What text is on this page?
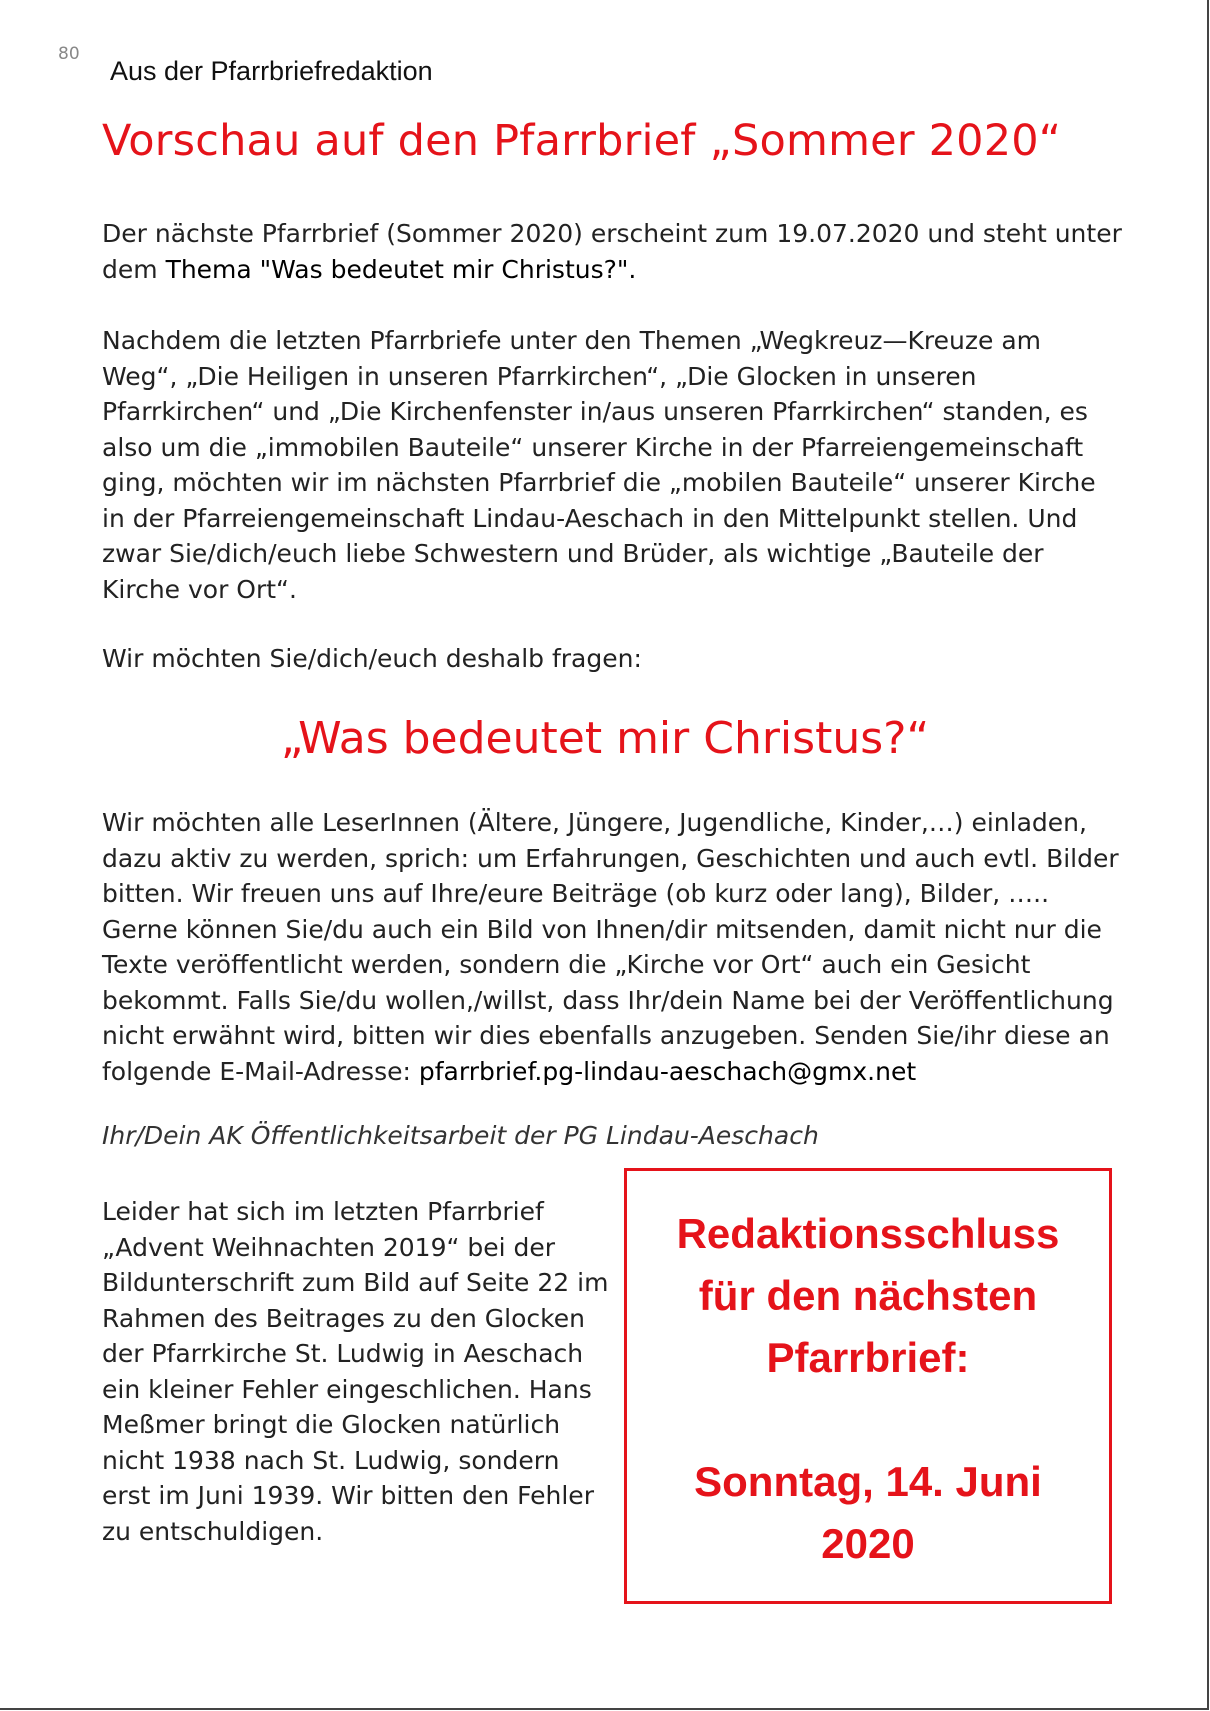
80
Aus der Pfarrbriefredaktion
Vorschau auf den Pfarrbrief „Sommer 2020“

Der nächste Pfarrbrief (Sommer 2020) erscheint zum 19.07.2020 und steht unter dem Thema "Was bedeutet mir Christus?".

Nachdem die letzten Pfarrbriefe unter den Themen „Wegkreuz—Kreuze am Weg“, „Die Heiligen in unseren Pfarrkirchen“, „Die Glocken in unseren Pfarrkirchen“ und „Die Kirchenfenster in/aus unseren Pfarrkirchen“ standen, es also um die „immobilen Bauteile“ unserer Kirche in der Pfarreiengemeinschaft ging, möchten wir im nächsten Pfarrbrief die „mobilen Bauteile“ unserer Kirche in der Pfarreiengemeinschaft Lindau-Aeschach in den Mittelpunkt stellen. Und zwar Sie/dich/euch liebe Schwestern und Brüder, als wichtige „Bauteile der Kirche vor Ort“.

Wir möchten Sie/dich/euch deshalb fragen:

„Was bedeutet mir Christus?“

Wir möchten alle LeserInnen (Ältere, Jüngere, Jugendliche, Kinder,…) einladen, dazu aktiv zu werden, sprich: um Erfahrungen, Geschichten und auch evtl. Bilder bitten. Wir freuen uns auf Ihre/eure Beiträge (ob kurz oder lang), Bilder, ….. Gerne können Sie/du auch ein Bild von Ihnen/dir mitsenden, damit nicht nur die Texte veröffentlicht werden, sondern die „Kirche vor Ort“ auch ein Gesicht bekommt. Falls Sie/du wollen,/willst, dass Ihr/dein Name bei der Veröffentlichung nicht erwähnt wird, bitten wir dies ebenfalls anzugeben. Senden Sie/ihr diese an folgende E-Mail-Adresse: pfarrbrief.pg-lindau-aeschach@gmx.net

Ihr/Dein AK Öffentlichkeitsarbeit der PG Lindau-Aeschach

Leider hat sich im letzten Pfarrbrief „Advent Weihnachten 2019“ bei der Bildunterschrift zum Bild auf Seite 22 im Rahmen des Beitrages zu den Glocken der Pfarrkirche St. Ludwig in Aeschach ein kleiner Fehler eingeschlichen. Hans Meßmer bringt die Glocken natürlich nicht 1938 nach St. Ludwig, sondern erst im Juni 1939. Wir bitten den Fehler zu entschuldigen.

Redaktionsschluss
für den nächsten
Pfarrbrief:
Sonntag, 14. Juni
2020
